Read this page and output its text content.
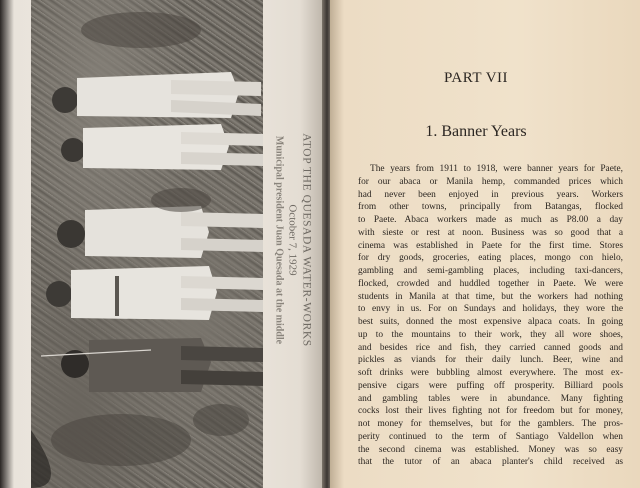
ATOP THE QUESADA WATER-WORKS
October 7, 1929
Municipal president Juan Quesada at the middle
PART VII
1. Banner Years
The years from 1911 to 1918, were banner years for Paete,
for our abaca or Manila hemp, commanded prices which
had never been enjoyed in previous years. Workers
from other towns, principally from Batangas, flocked
to Paete. Abaca workers made as much as P8.00 a day
with sieste or rest at noon. Business was so good that a
cinema was established in Paete for the first time. Stores
for dry goods, groceries, eating places, mongo con hielo,
gambling and semi-gambling places, including taxi-dancers,
flocked, crowded and huddled together in Paete. We were
students in Manila at that time, but the workers had nothing
to envy in us. For on Sundays and holidays, they wore the
best suits, donned the most expensive alpaca coats. In going
up to the mountains to their work, they all wore shoes,
and besides rice and fish, they carried canned goods and
pickles as viands for their daily lunch. Beer, wine and
soft drinks were bubbling almost everywhere. The most ex-
pensive cigars were puffing off prosperity. Billiard pools
and gambling tables were in abundance. Many fighting
cocks lost their lives fighting not for freedom but for money,
not money for themselves, but for the gamblers. The pros-
perity continued to the term of Santiago Valdellon when
the second cinema was established. Money was so easy
that the tutor of an abaca planter's child received as
